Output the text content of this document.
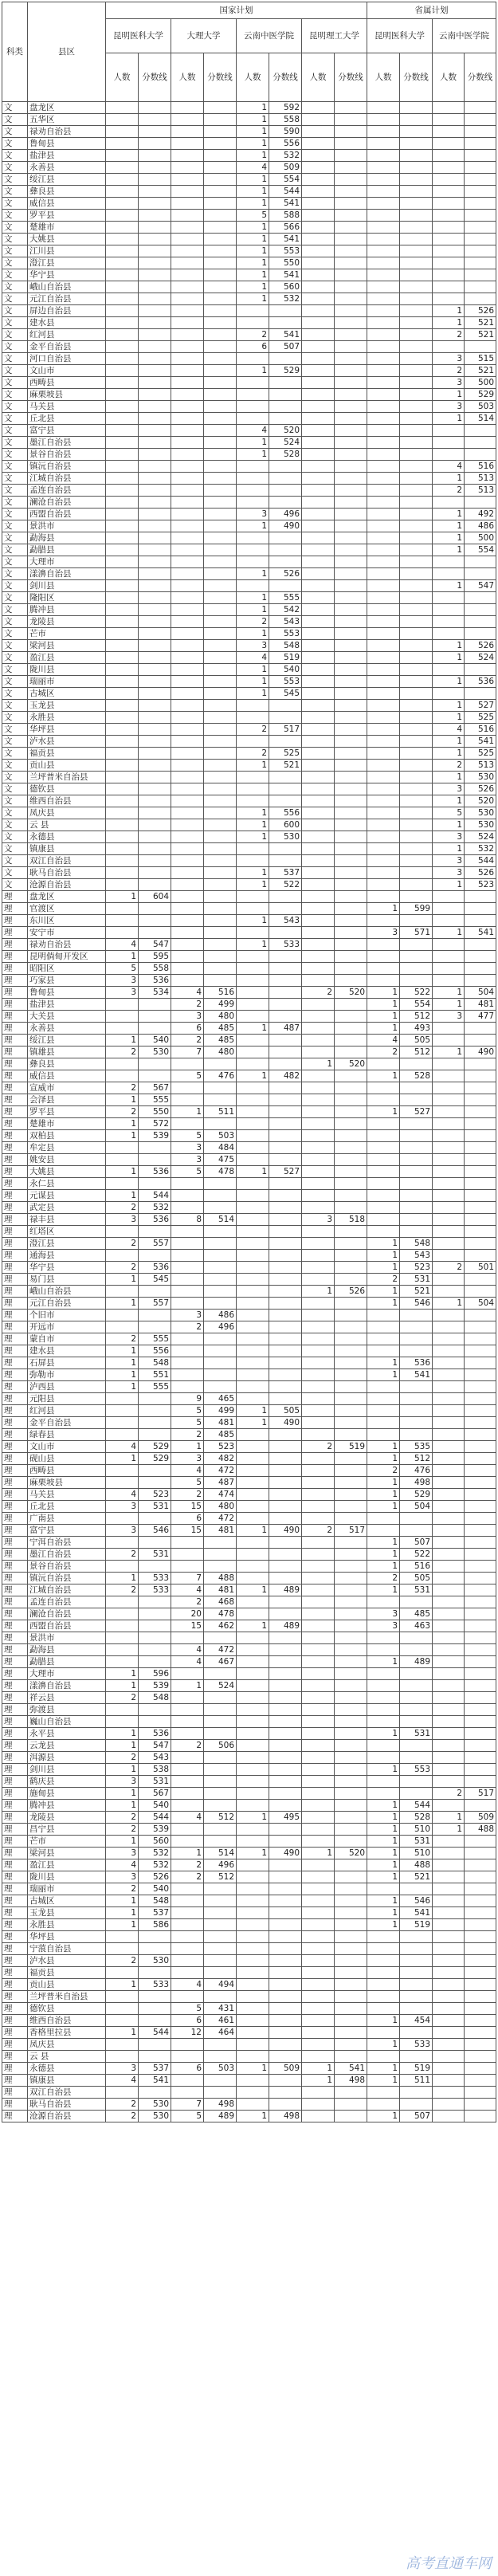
科类	县区	国家计划								省属计划			
		昆明医科大学		大理大学		云南中医学院		昆明理工大学		昆明医科大学		云南中医学院	
		人数	分数线	人数	分数线	人数	分数线	人数	分数线	人数	分数线	人数	分数线
文	盘龙区					1	592						
文	五华区					1	558						
文	禄劝自治县					1	590						
文	鲁甸县					1	556						
文	盐津县					1	532						
文	永善县					4	509						
文	绥江县					1	554						
文	彝良县					1	544						
文	威信县					1	541						
文	罗平县					5	588						
文	楚雄市					1	566						
文	大姚县					1	541						
文	江川县					1	553						
文	澄江县					1	550						
文	华宁县					1	541						
文	峨山自治县					1	560						
文	元江自治县					1	532						
文	屏边自治县											1	526
文	建水县											1	521
文	红河县					2	541					2	521
文	金平自治县					6	507						
文	河口自治县											3	515
文	文山市					1	529					2	521
文	西畴县											3	500
文	麻栗坡县											1	529
文	马关县											3	503
文	丘北县											1	514
文	富宁县					4	520						
文	墨江自治县					1	524						
文	景谷自治县					1	528						
文	镇沅自治县											4	516
文	江城自治县											1	513
文	孟连自治县											2	513
文	澜沧自治县												
文	西盟自治县					3	496					1	492
文	景洪市					1	490					1	486
文	勐海县											1	500
文	勐腊县											1	554
文	大理市												
文	漾濞自治县					1	526						
文	剑川县											1	547
文	隆阳区					1	555						
文	腾冲县					1	542						
文	龙陵县					2	543						
文	芒市					1	553						
文	梁河县					3	548					1	526
文	盈江县					4	519					1	524
文	陇川县					1	540						
文	瑞丽市					1	553					1	536
文	古城区					1	545						
文	玉龙县											1	527
文	永胜县											1	525
文	华坪县					2	517					4	516
文	泸水县											1	541
文	福贡县					2	525					1	525
文	贡山县					1	521					2	513
文	兰坪普米自治县											1	530
文	德钦县											3	526
文	维西自治县											1	520
文	凤庆县					1	556					5	530
文	云 县					1	600					1	530
文	永德县					1	530					3	524
文	镇康县											1	532
文	双江自治县											3	544
文	耿马自治县					1	537					3	526
文	沧源自治县					1	522					1	523
理	盘龙区	1	604										
理	官渡区									1	599		
理	东川区					1	543						
理	安宁市									3	571	1	541
理	禄劝自治县	4	547			1	533						
理	昆明倘甸开发区	1	595										
理	昭阳区	5	558										
理	巧家县	3	536										
理	鲁甸县	3	534	4	516			2	520	1	522	1	504
理	盐津县			2	499					1	554	1	481
理	大关县			3	480					1	512	3	477
理	永善县			6	485	1	487			1	493		
理	绥江县	1	540	2	485					4	505		
理	镇雄县	2	530	7	480					2	512	1	490
理	彝良县							1	520				
理	威信县			5	476	1	482			1	528		
理	宣威市	2	567										
理	会泽县	1	555										
理	罗平县	2	550	1	511					1	527		
理	楚雄市	1	572										
理	双柏县	1	539	5	503								
理	牟定县			3	484								
理	姚安县			3	475								
理	大姚县	1	536	5	478	1	527						
理	永仁县												
理	元谋县	1	544										
理	武定县	2	532										
理	禄丰县	3	536	8	514			3	518				
理	红塔区												
理	澄江县	2	557							1	548		
理	通海县									1	543		
理	华宁县	2	536							1	523	2	501
理	易门县	1	545							2	531		
理	峨山自治县							1	526	1	521		
理	元江自治县	1	557							1	546	1	504
理	个旧市			3	486								
理	开远市			2	496								
理	蒙自市	2	555										
理	建水县	1	556										
理	石屏县	1	548							1	536		
理	弥勒市	1	551							1	541		
理	泸西县	1	555										
理	元阳县			9	465								
理	红河县			5	499	1	505						
理	金平自治县			5	481	1	490						
理	绿春县			2	485								
理	文山市	4	529	1	523			2	519	1	535		
理	砚山县	1	529	3	482					1	512		
理	西畴县			4	472					2	476		
理	麻栗坡县			5	487					1	498		
理	马关县	4	523	2	474					1	529		
理	丘北县	3	531	15	480					1	504		
理	广南县			6	472								
理	富宁县	3	546	15	481	1	490	2	517				
理	宁洱自治县									1	507		
理	墨江自治县	2	531							1	522		
理	景谷自治县									1	516		
理	镇沅自治县	1	533	7	488					2	505		
理	江城自治县	2	533	4	481	1	489			1	531		
理	孟连自治县			2	468								
理	澜沧自治县			20	478					3	485		
理	西盟自治县			15	462	1	489			3	463		
理	景洪市												
理	勐海县			4	472								
理	勐腊县			4	467					1	489		
理	大理市	1	596										
理	漾濞自治县	1	539	1	524								
理	祥云县	2	548										
理	弥渡县												
理	巍山自治县												
理	永平县	1	536							1	531		
理	云龙县	1	547	2	506								
理	洱源县	2	543										
理	剑川县	1	538							1	553		
理	鹤庆县	3	531										
理	施甸县	1	567									2	517
理	腾冲县	1	540							1	544		
理	龙陵县	2	544	4	512	1	495			1	528	1	509
理	昌宁县	2	539							1	510	1	488
理	芒市	1	560							1	531		
理	梁河县	3	532	1	514	1	490	1	520	1	510		
理	盈江县	4	532	2	496					1	488		
理	陇川县	3	526	2	512					1	521		
理	瑞丽市	2	540										
理	古城区	1	548							1	546		
理	玉龙县	1	537							1	541		
理	永胜县	1	586							1	519		
理	华坪县												
理	宁蒗自治县												
理	泸水县	2	530										
理	福贡县												
理	贡山县	1	533	4	494								
理	兰坪普米自治县												
理	德钦县			5	431								
理	维西自治县			6	461					1	454		
理	香格里拉县	1	544	12	464								
理	凤庆县									1	533		
理	云 县												
理	永德县	3	537	6	503	1	509	1	541	1	519		
理	镇康县	4	541					1	498	1	511		
理	双江自治县												
理	耿马自治县	2	530	7	498								
理	沧源自治县	2	530	5	489	1	498			1	507		
高考直通车网
